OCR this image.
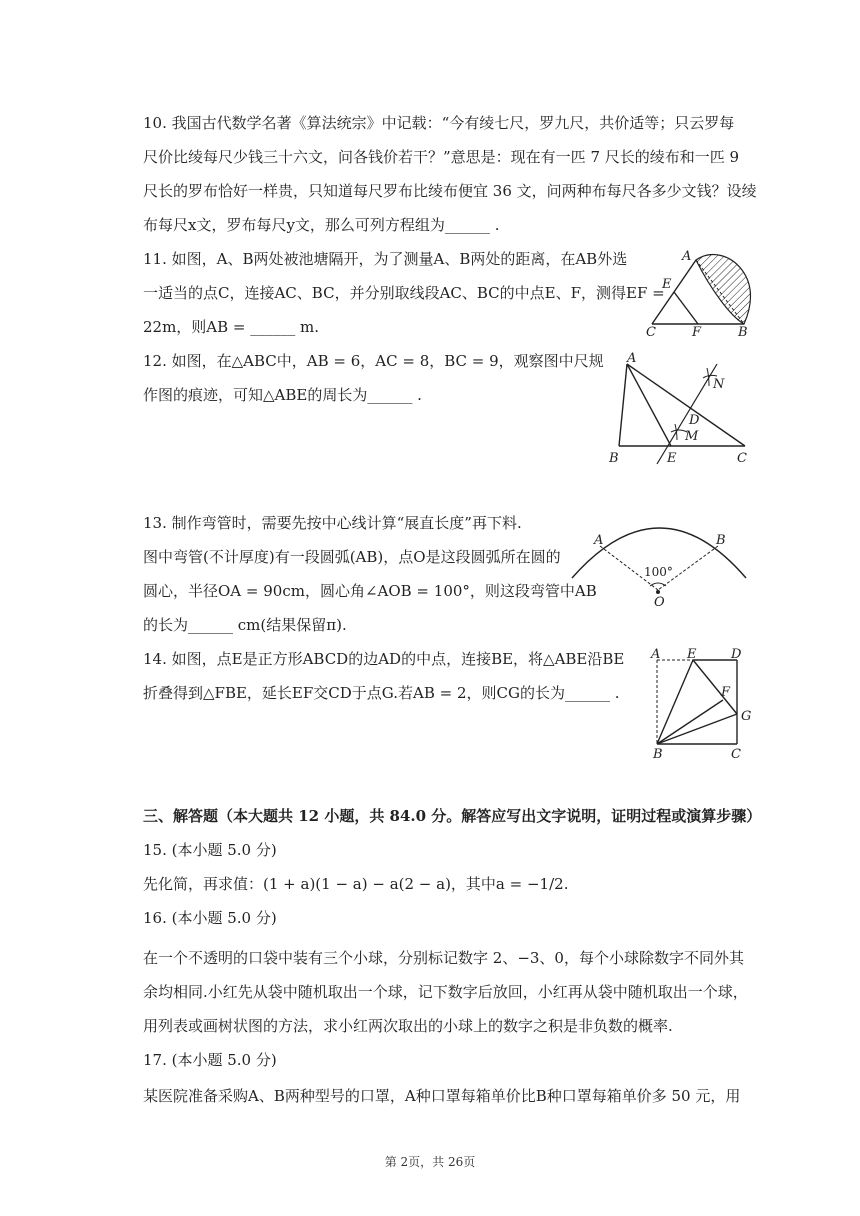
10. 我国古代数学名著《算法统宗》中记载：“今有绫七尺，罗九尺，共价适等；只云罗每
尺价比绫每尺少钱三十六文，问各钱价若干？”意思是：现在有一匹 7 尺长的绫布和一匹 9
尺长的罗布恰好一样贵，只知道每尺罗布比绫布便宜 36 文，问两种布每尺各多少文钱？设绫
布每尺x文，罗布每尺y文，那么可列方程组为______ .
11. 如图，A、B两处被池塘隔开，为了测量A、B两处的距离，在AB外选
一适当的点C，连接AC、BC，并分别取线段AC、BC的中点E、F，测得EF =
22m，则AB = ______ m.
A
E
C	F	B
12. 如图，在△ABC中，AB = 6，AC = 8，BC = 9，观察图中尺规
作图的痕迹，可知△ABE的周长为______ .
A
N
D
M
B	E	C
13. 制作弯管时，需要先按中心线计算“展直长度”再下料.
图中弯管(不计厚度)有一段圆弧(AB)，点O是这段圆弧所在圆的
圆心，半径OA = 90cm，圆心角∠AOB = 100°，则这段弯管中AB
的长为______ cm(结果保留π).
A	B
100°
O
14. 如图，点E是正方形ABCD的边AD的中点，连接BE，将△ABE沿BE
折叠得到△FBE，延长EF交CD于点G.若AB = 2，则CG的长为______ .
A E	D
F
G
B	C
三、解答题（本大题共 12 小题，共 84.0 分。解答应写出文字说明，证明过程或演算步骤）
15. (本小题 5.0 分)
先化简，再求值：(1 + a)(1 − a) − a(2 − a)，其中a = −1/2.
16. (本小题 5.0 分)
在一个不透明的口袋中装有三个小球，分别标记数字 2、−3、0，每个小球除数字不同外其
余均相同.小红先从袋中随机取出一个球，记下数字后放回，小红再从袋中随机取出一个球，
用列表或画树状图的方法，求小红两次取出的小球上的数字之积是非负数的概率.
17. (本小题 5.0 分)
某医院准备采购A、B两种型号的口罩，A种口罩每箱单价比B种口罩每箱单价多 50 元，用
第 2页，共 26页
